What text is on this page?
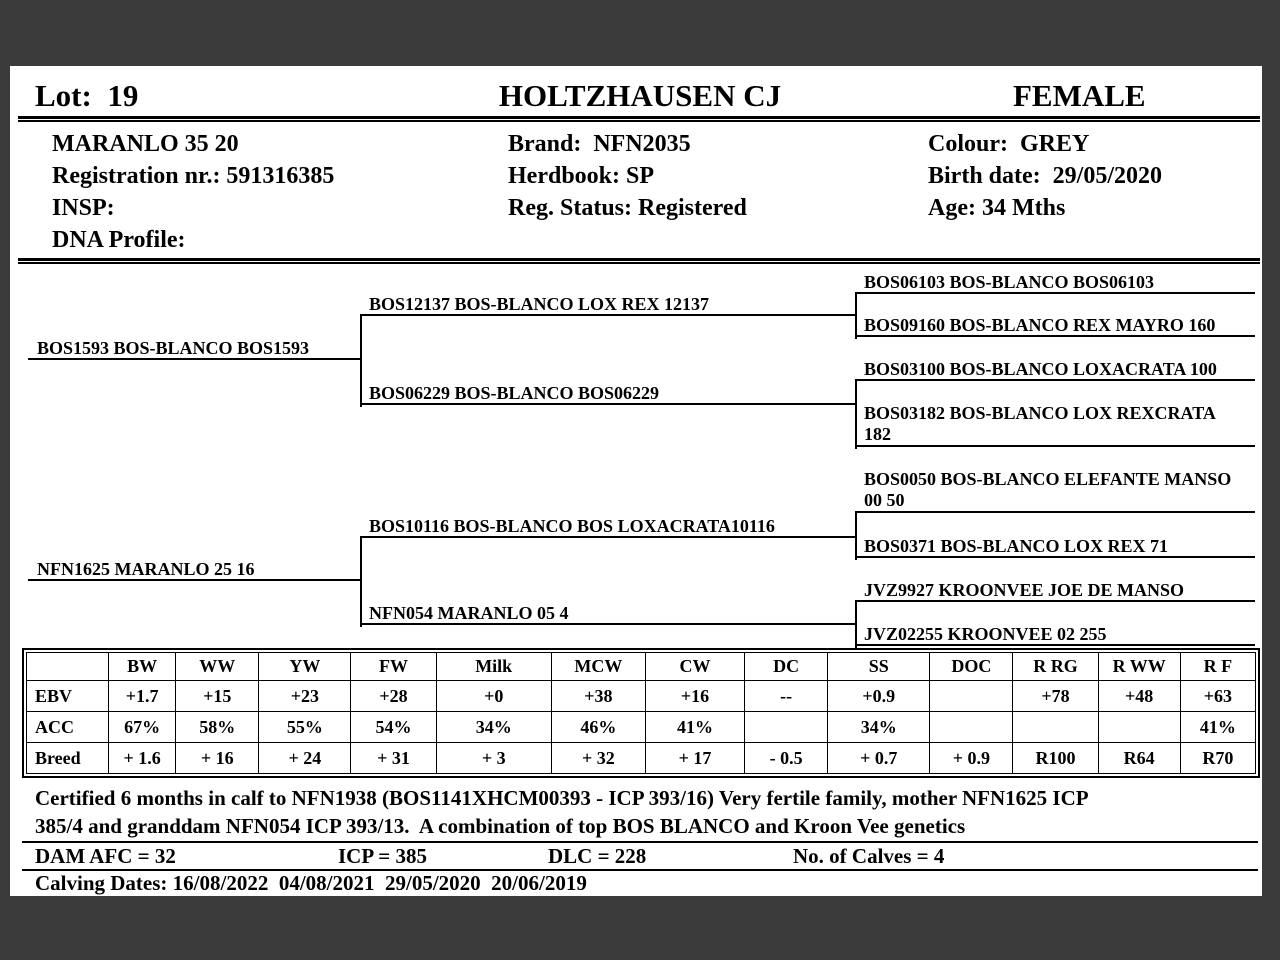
Lot:  19	HOLTZHAUSEN CJ	FEMALE
MARANLO 35 20
Registration nr.: 591316385
INSP:
DNA Profile:
Brand:  NFN2035
Herdbook: SP
Reg. Status: Registered
Colour:  GREY
Birth date:  29/05/2020
Age: 34 Mths
BOS1593 BOS-BLANCO BOS1593
NFN1625 MARANLO 25 16
BOS12137 BOS-BLANCO LOX REX 12137
BOS06229 BOS-BLANCO BOS06229
BOS10116 BOS-BLANCO BOS LOXACRATA10116
NFN054 MARANLO 05 4
BOS06103 BOS-BLANCO BOS06103
BOS09160 BOS-BLANCO REX MAYRO 160
BOS03100 BOS-BLANCO LOXACRATA 100
BOS03182 BOS-BLANCO LOX REXCRATA
182
BOS0050 BOS-BLANCO ELEFANTE MANSO
00 50
BOS0371 BOS-BLANCO LOX REX 71
JVZ9927 KROONVEE JOE DE MANSO
JVZ02255 KROONVEE 02 255
	BW	WW	YW	FW	Milk	MCW	CW	DC	SS	DOC	R RG	R WW	R F
EBV	+1.7	+15	+23	+28	+0	+38	+16	--	+0.9		+78	+48	+63
ACC	67%	58%	55%	54%	34%	46%	41%		34%				41%
Breed	+ 1.6	+ 16	+ 24	+ 31	+ 3	+ 32	+ 17	- 0.5	+ 0.7	+ 0.9	R100	R64	R70
Certified 6 months in calf to NFN1938 (BOS1141XHCM00393 - ICP 393/16) Very fertile family, mother NFN1625 ICP
385/4 and granddam NFN054 ICP 393/13.  A combination of top BOS BLANCO and Kroon Vee genetics
DAM AFC = 32	ICP = 385	DLC = 228	No. of Calves = 4
Calving Dates: 16/08/2022  04/08/2021  29/05/2020  20/06/2019
